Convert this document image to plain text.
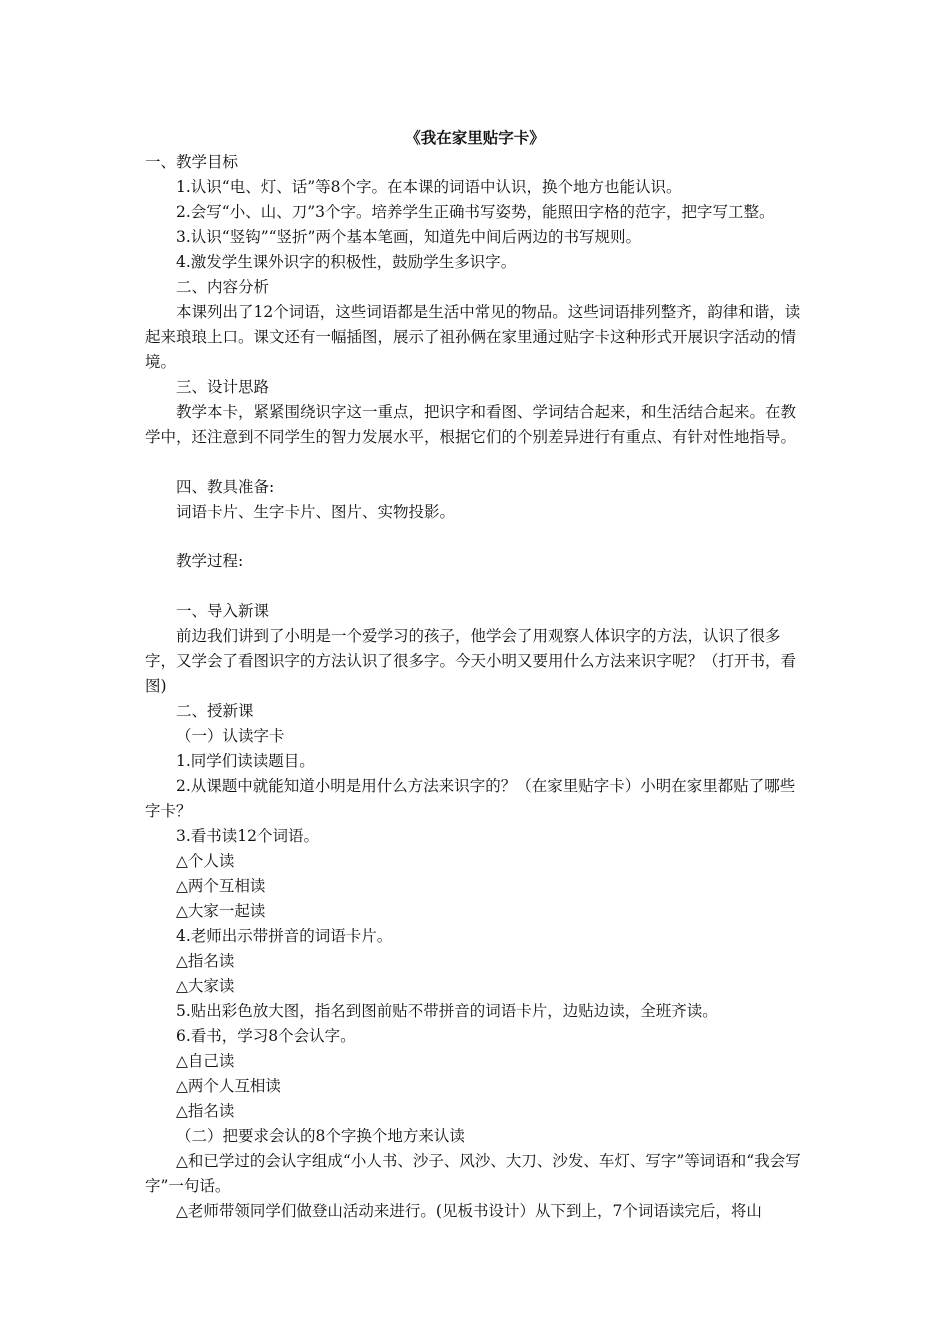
《我在家里贴字卡》
一、教学目标
1.认识“电、灯、话”等8个字。在本课的词语中认识，换个地方也能认识。
2.会写“小、山、刀”3个字。培养学生正确书写姿势，能照田字格的范字，把字写工整。
3.认识“竖钩”“竖折”两个基本笔画，知道先中间后两边的书写规则。
4.激发学生课外识字的积极性，鼓励学生多识字。
二、内容分析
本课列出了12个词语，这些词语都是生活中常见的物品。这些词语排列整齐，韵律和谐，读起来琅琅上口。课文还有一幅插图，展示了祖孙俩在家里通过贴字卡这种形式开展识字活动的情境。
三、设计思路
教学本卡，紧紧围绕识字这一重点，把识字和看图、学词结合起来，和生活结合起来。在教学中，还注意到不同学生的智力发展水平，根据它们的个别差异进行有重点、有针对性地指导。
四、教具准备:
词语卡片、生字卡片、图片、实物投影。
教学过程:
一、导入新课
前边我们讲到了小明是一个爱学习的孩子，他学会了用观察人体识字的方法，认识了很多字，又学会了看图识字的方法认识了很多字。今天小明又要用什么方法来识字呢？（打开书，看图)
二、授新课
（一）认读字卡
1.同学们读读题目。
2.从课题中就能知道小明是用什么方法来识字的？（在家里贴字卡）小明在家里都贴了哪些字卡？
3.看书读12个词语。
△个人读
△两个互相读
△大家一起读
4.老师出示带拼音的词语卡片。
△指名读
△大家读
5.贴出彩色放大图，指名到图前贴不带拼音的词语卡片，边贴边读，全班齐读。
6.看书，学习8个会认字。
△自己读
△两个人互相读
△指名读
（二）把要求会认的8个字换个地方来认读
△和已学过的会认字组成“小人书、沙子、风沙、大刀、沙发、车灯、写字”等词语和“我会写字”一句话。
△老师带领同学们做登山活动来进行。(见板书设计）从下到上，7个词语读完后，将山
